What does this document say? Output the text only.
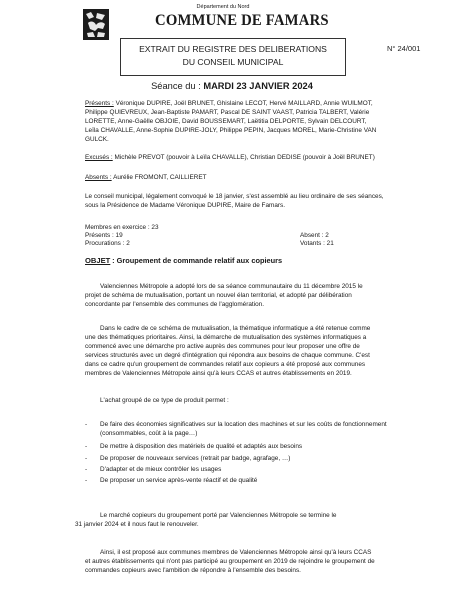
Département du Nord
COMMUNE DE FAMARS
EXTRAIT DU REGISTRE DES DELIBERATIONS
DU CONSEIL MUNICIPAL
N° 24/001
Séance du : MARDI 23 JANVIER 2024
Présents : Véronique DUPIRE, Joël BRUNET, Ghislaine LECOT, Hervé MAILLARD, Annie WUILMOT,
Philippe QUIEVREUX, Jean-Baptiste PAMART, Pascal DE SAINT VAAST, Patricia TALBERT, Valérie
LORETTE, Anne-Gaëlle OBJOIE, David BOUSSEMART, Laëtitia DELPORTE, Sylvain DELCOURT,
Leïla CHAVALLE, Anne-Sophie DUPIRE-JOLY, Philippe PEPIN, Jacques MOREL, Marie-Christine VAN
GULCK.
Excusés : Michèle PREVOT (pouvoir à Leïla CHAVALLE), Christian DEDISE (pouvoir à Joël BRUNET)
Absents : Aurélie FROMONT, CAILLIERET
Le conseil municipal, légalement convoqué le 18 janvier, s'est assemblé au lieu ordinaire de ses séances,
sous la Présidence de Madame Véronique DUPIRE, Maire de Famars.
Membres en exercice : 23
Présents : 19	Absent : 2
Procurations : 2	Votants : 21
OBJET : Groupement de commande relatif aux copieurs
Valenciennes Métropole a adopté lors de sa séance communautaire du 11 décembre 2015 le
projet de schéma de mutualisation, portant un nouvel élan territorial, et adopté par délibération
concordante par l'ensemble des communes de l'agglomération.
Dans le cadre de ce schéma de mutualisation, la thématique informatique a été retenue comme
une des thématiques prioritaires. Ainsi, la démarche de mutualisation des systèmes informatiques a
commencé avec une démarche pro active auprès des communes pour leur proposer une offre de
services structurés avec un degré d'intégration qui répondra aux besoins de chaque commune. C'est
dans ce cadre qu'un groupement de commandes relatif aux copieurs a été proposé aux communes
membres de Valenciennes Métropole ainsi qu'à leurs CCAS et autres établissements en 2019.
L'achat groupé de ce type de produit permet :
- De faire des économies significatives sur la location des machines et sur les coûts de fonctionnement
(consommables, coût à la page…)
- De mettre à disposition des matériels de qualité et adaptés aux besoins
- De proposer de nouveaux services (retrait par badge, agrafage, …)
- D'adapter et de mieux contrôler les usages
- De proposer un service après-vente réactif et de qualité
Le marché copieurs du groupement porté par Valenciennes Métropole se termine le
31 janvier 2024 et il nous faut le renouveler.
Ainsi, il est proposé aux communes membres de Valenciennes Métropole ainsi qu'à leurs CCAS
et autres établissements qui n'ont pas participé au groupement en 2019 de rejoindre le groupement de
commandes copieurs avec l'ambition de répondre à l'ensemble des besoins.
